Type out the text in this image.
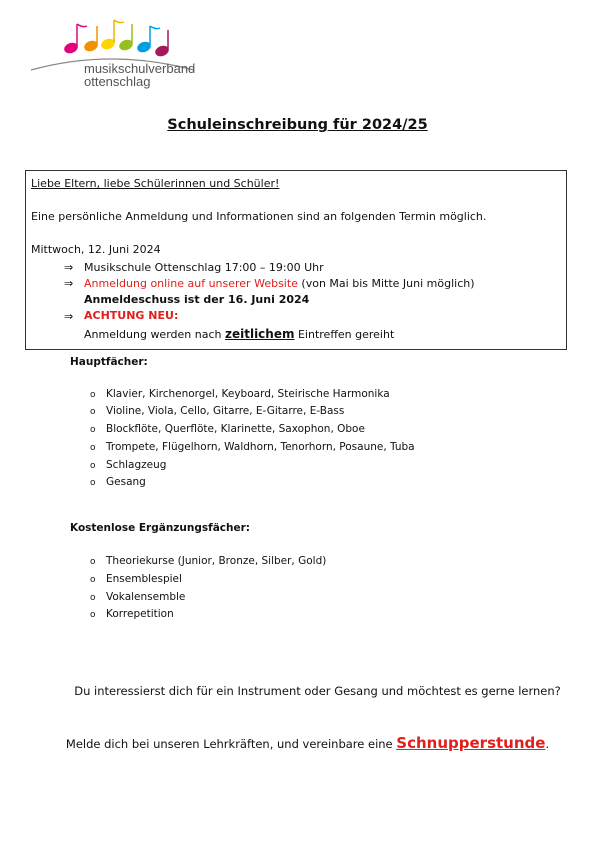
musikschulverband
ottenschlag
Schuleinschreibung für 2024/25
Liebe Eltern, liebe Schülerinnen und Schüler!
Eine persönliche Anmeldung und Informationen sind an folgenden Termin möglich.
Mittwoch, 12. Juni 2024
⇒ Musikschule Ottenschlag 17:00 – 19:00 Uhr
⇒ Anmeldung online auf unserer Website (von Mai bis Mitte Juni möglich)
Anmeldeschuss ist der 16. Juni 2024
⇒ ACHTUNG NEU:
Anmeldung werden nach zeitlichem Eintreffen gereiht
Hauptfächer:
o Klavier, Kirchenorgel, Keyboard, Steirische Harmonika
o Violine, Viola, Cello, Gitarre, E-Gitarre, E-Bass
o Blockflöte, Querflöte, Klarinette, Saxophon, Oboe
o Trompete, Flügelhorn, Waldhorn, Tenorhorn, Posaune, Tuba
o Schlagzeug
o Gesang
Kostenlose Ergänzungsfächer:
o Theoriekurse (Junior, Bronze, Silber, Gold)
o Ensemblespiel
o Vokalensemble
o Korrepetition
Du interessierst dich für ein Instrument oder Gesang und möchtest es gerne lernen?
Melde dich bei unseren Lehrkräften, und vereinbare eine Schnupperstunde.
